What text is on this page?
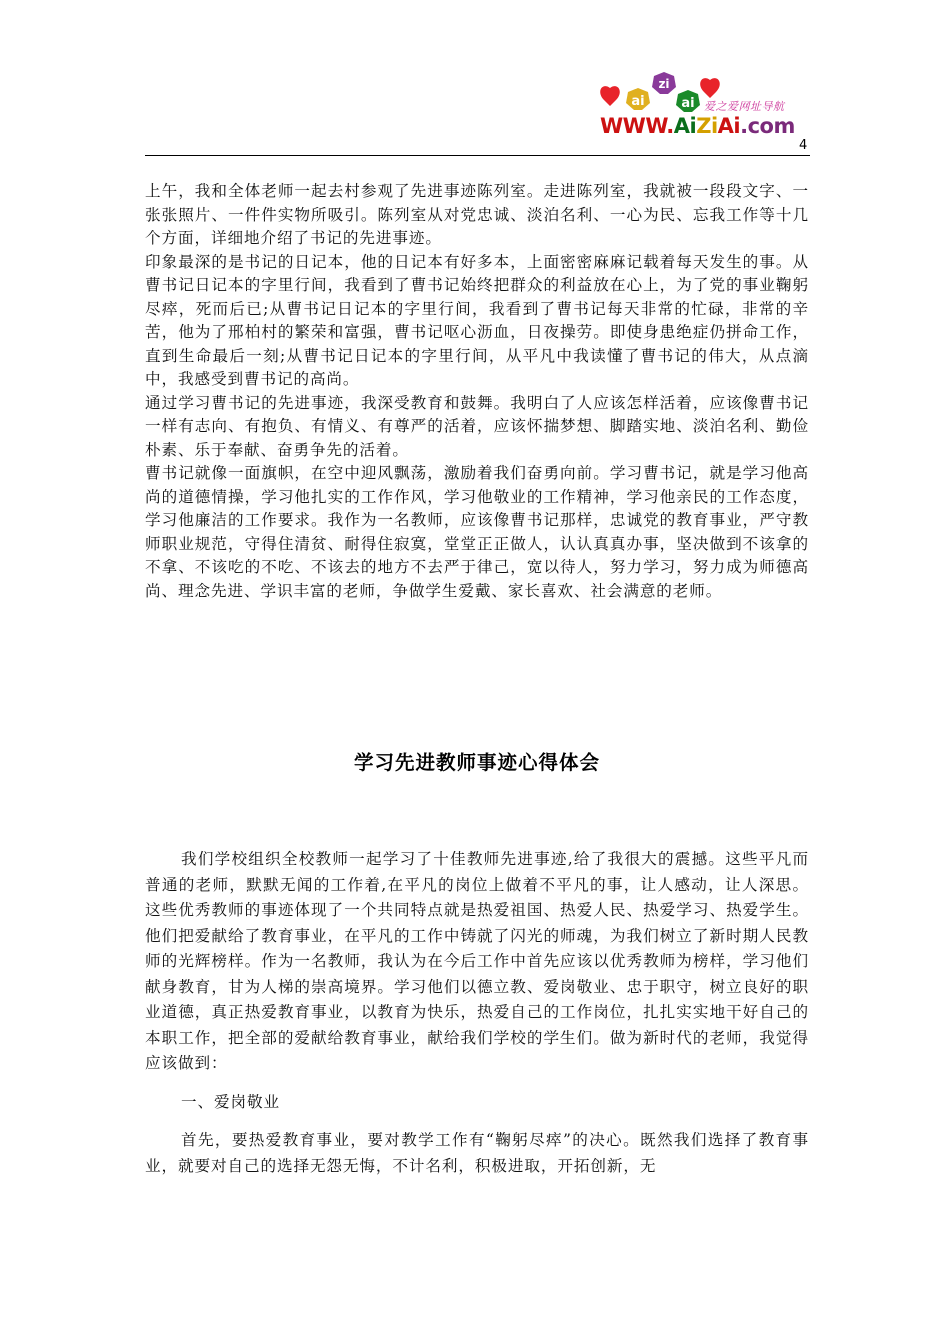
ai
zi
ai 爱之爱网址导航
WWW.AiZiAi.com
4

上午，我和全体老师一起去村参观了先进事迹陈列室。走进陈列室，我就被一段段文字、一张张照片、一件件实物所吸引。陈列室从对党忠诚、淡泊名利、一心为民、忘我工作等十几个方面，详细地介绍了书记的先进事迹。

印象最深的是书记的日记本，他的日记本有好多本，上面密密麻麻记载着每天发生的事。从曹书记日记本的字里行间，我看到了曹书记始终把群众的利益放在心上，为了党的事业鞠躬尽瘁，死而后已;从曹书记日记本的字里行间，我看到了曹书记每天非常的忙碌，非常的辛苦，他为了邢柏村的繁荣和富强，曹书记呕心沥血，日夜操劳。即使身患绝症仍拼命工作，直到生命最后一刻;从曹书记日记本的字里行间，从平凡中我读懂了曹书记的伟大，从点滴中，我感受到曹书记的高尚。

通过学习曹书记的先进事迹，我深受教育和鼓舞。我明白了人应该怎样活着，应该像曹书记一样有志向、有抱负、有情义、有尊严的活着，应该怀揣梦想、脚踏实地、淡泊名利、勤俭朴素、乐于奉献、奋勇争先的活着。

曹书记就像一面旗帜，在空中迎风飘荡，激励着我们奋勇向前。学习曹书记，就是学习他高尚的道德情操，学习他扎实的工作作风，学习他敬业的工作精神，学习他亲民的工作态度，学习他廉洁的工作要求。我作为一名教师，应该像曹书记那样，忠诚党的教育事业，严守教师职业规范，守得住清贫、耐得住寂寞，堂堂正正做人，认认真真办事，坚决做到不该拿的不拿、不该吃的不吃、不该去的地方不去严于律己，宽以待人，努力学习，努力成为师德高尚、理念先进、学识丰富的老师，争做学生爱戴、家长喜欢、社会满意的老师。

学习先进教师事迹心得体会

我们学校组织全校教师一起学习了十佳教师先进事迹,给了我很大的震撼。这些平凡而普通的老师，默默无闻的工作着,在平凡的岗位上做着不平凡的事，让人感动，让人深思。这些优秀教师的事迹体现了一个共同特点就是热爱祖国、热爱人民、热爱学习、热爱学生。他们把爱献给了教育事业，在平凡的工作中铸就了闪光的师魂，为我们树立了新时期人民教师的光辉榜样。作为一名教师，我认为在今后工作中首先应该以优秀教师为榜样，学习他们献身教育，甘为人梯的崇高境界。学习他们以德立教、爱岗敬业、忠于职守，树立良好的职业道德，真正热爱教育事业，以教育为快乐，热爱自己的工作岗位，扎扎实实地干好自己的本职工作，把全部的爱献给教育事业，献给我们学校的学生们。做为新时代的老师，我觉得应该做到：

一、爱岗敬业

首先，要热爱教育事业，要对教学工作有“鞠躬尽瘁”的决心。既然我们选择了教育事业，就要对自己的选择无怨无悔，不计名利，积极进取，开拓创新，无
